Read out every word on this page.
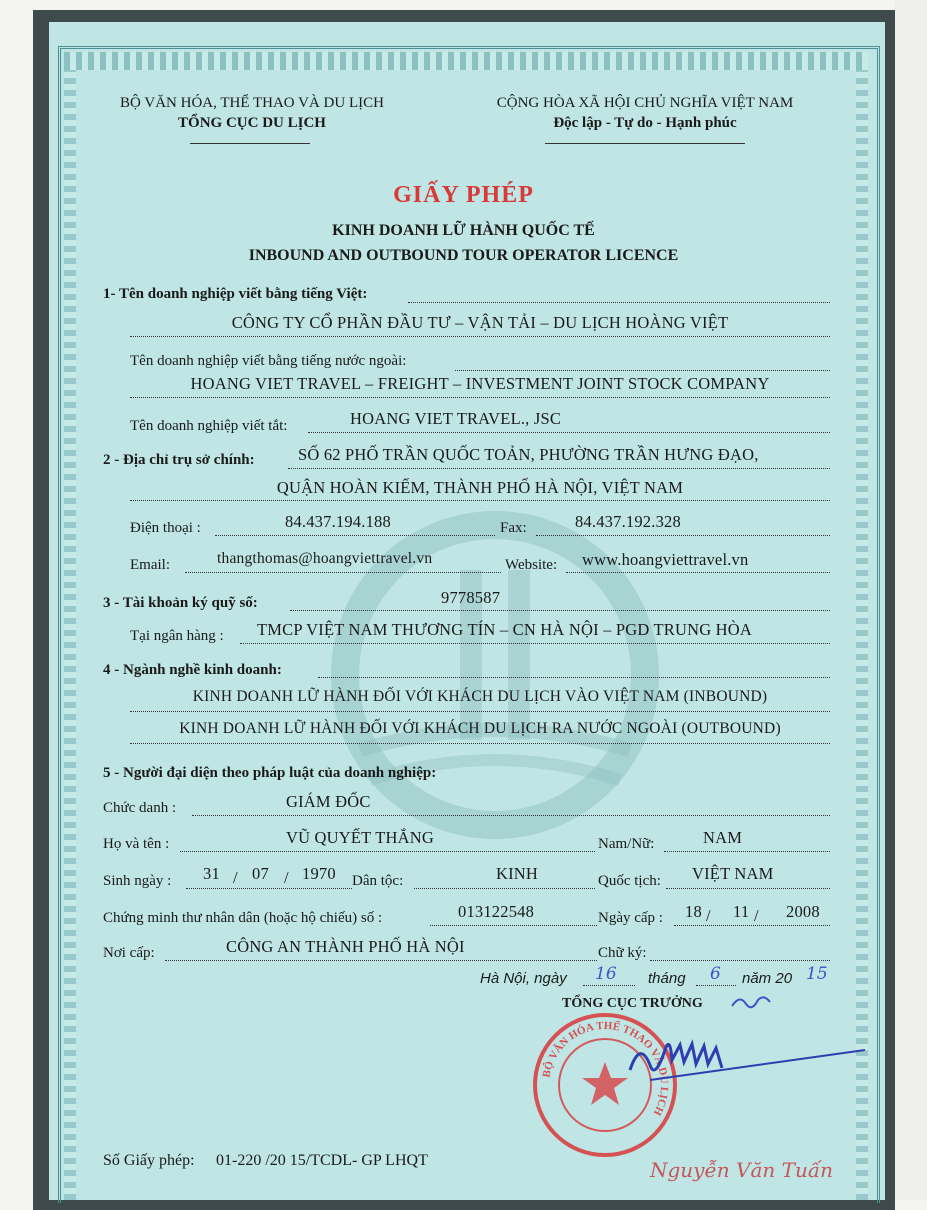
BỘ VĂN HÓA, THỂ THAO VÀ DU LỊCH
TỔNG CỤC DU LỊCH
CỘNG HÒA XÃ HỘI CHỦ NGHĨA VIỆT NAM
Độc lập - Tự do - Hạnh phúc
GIẤY PHÉP
KINH DOANH LỮ HÀNH QUỐC TẾ
INBOUND AND OUTBOUND TOUR OPERATOR LICENCE
1- Tên doanh nghiệp viết bằng tiếng Việt:
CÔNG TY CỔ PHẦN ĐẦU TƯ – VẬN TẢI – DU LỊCH HOÀNG VIỆT
Tên doanh nghiệp viết bằng tiếng nước ngoài:
HOANG VIET TRAVEL – FREIGHT – INVESTMENT JOINT STOCK COMPANY
Tên doanh nghiệp viết tắt:	HOANG VIET TRAVEL., JSC
2 - Địa chỉ trụ sở chính:	SỐ 62 PHỐ TRẦN QUỐC TOẢN, PHƯỜNG TRẦN HƯNG ĐẠO,
QUẬN HOÀN KIẾM, THÀNH PHỐ HÀ NỘI, VIỆT NAM
Điện thoại :	84.437.194.188	Fax:	84.437.192.328
Email:	thangthomas@hoangviettravel.vn	Website: www.hoangviettravel.vn
3 - Tài khoản ký quỹ số:	9778587
Tại ngân hàng : TMCP VIỆT NAM THƯƠNG TÍN – CN HÀ NỘI – PGD TRUNG HÒA
4 - Ngành nghề kinh doanh:
KINH DOANH LỮ HÀNH ĐỐI VỚI KHÁCH DU LỊCH VÀO VIỆT NAM (INBOUND)
KINH DOANH LỮ HÀNH ĐỐI VỚI KHÁCH DU LỊCH RA NƯỚC NGOÀI (OUTBOUND)
5 - Người đại diện theo pháp luật của doanh nghiệp:
Chức danh :	GIÁM ĐỐC
Họ và tên :	VŨ QUYẾT THẮNG	Nam/Nữ:	NAM
Sinh ngày : 31 / 07 / 1970 Dân tộc:	KINH	Quốc tịch: VIỆT NAM
Chứng minh thư nhân dân (hoặc hộ chiếu) số :	013122548	Ngày cấp : 18 / 11 / 2008
Nơi cấp:	CÔNG AN THÀNH PHỐ HÀ NỘI	Chữ ký:
Hà Nội, ngày 16 tháng 6 năm 20 15
TỔNG CỤC TRƯỞNG
BỘ VĂN HÓA THỂ THAO VÀ DU LỊCH
Nguyễn Văn Tuấn
Số Giấy phép: 01-220 /20 15/TCDL- GP LHQT
